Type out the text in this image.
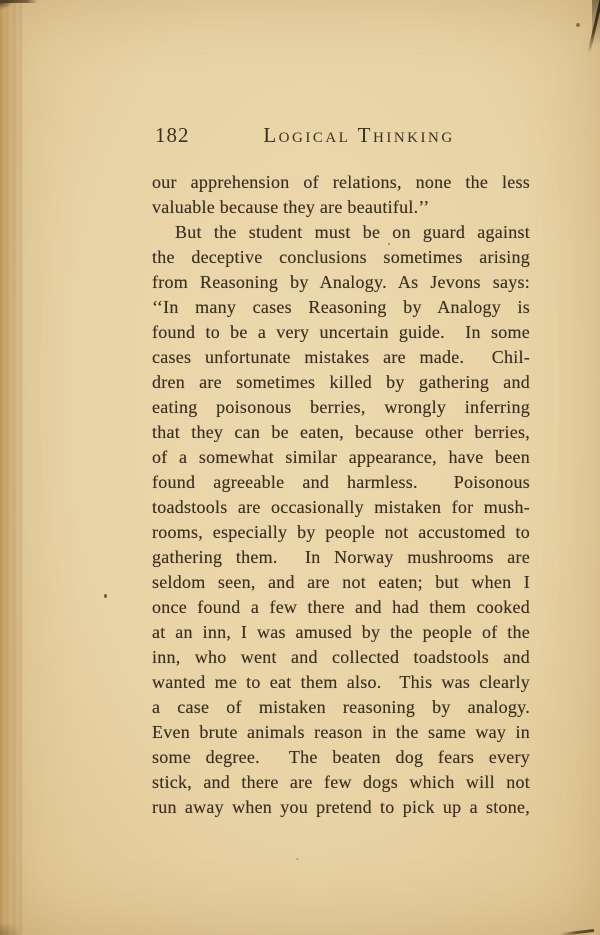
182	Logical Thinking
our apprehension of relations, none the less
valuable because they are beautiful.’’
But the student must be on guard against
the deceptive conclusions sometimes arising
from Reasoning by Analogy. As Jevons says:
‘‘In many cases Reasoning by Analogy is
found to be a very uncertain guide.  In some
cases unfortunate mistakes are made.  Chil-
dren are sometimes killed by gathering and
eating poisonous berries, wrongly inferring
that they can be eaten, because other berries,
of a somewhat similar appearance, have been
found agreeable and harmless.  Poisonous
toadstools are occasionally mistaken for mush-
rooms, especially by people not accustomed to
gathering them.  In Norway mushrooms are
seldom seen, and are not eaten; but when I
once found a few there and had them cooked
at an inn, I was amused by the people of the
inn, who went and collected toadstools and
wanted me to eat them also.  This was clearly
a case of mistaken reasoning by analogy.
Even brute animals reason in the same way in
some degree.  The beaten dog fears every
stick, and there are few dogs which will not
run away when you pretend to pick up a stone,
